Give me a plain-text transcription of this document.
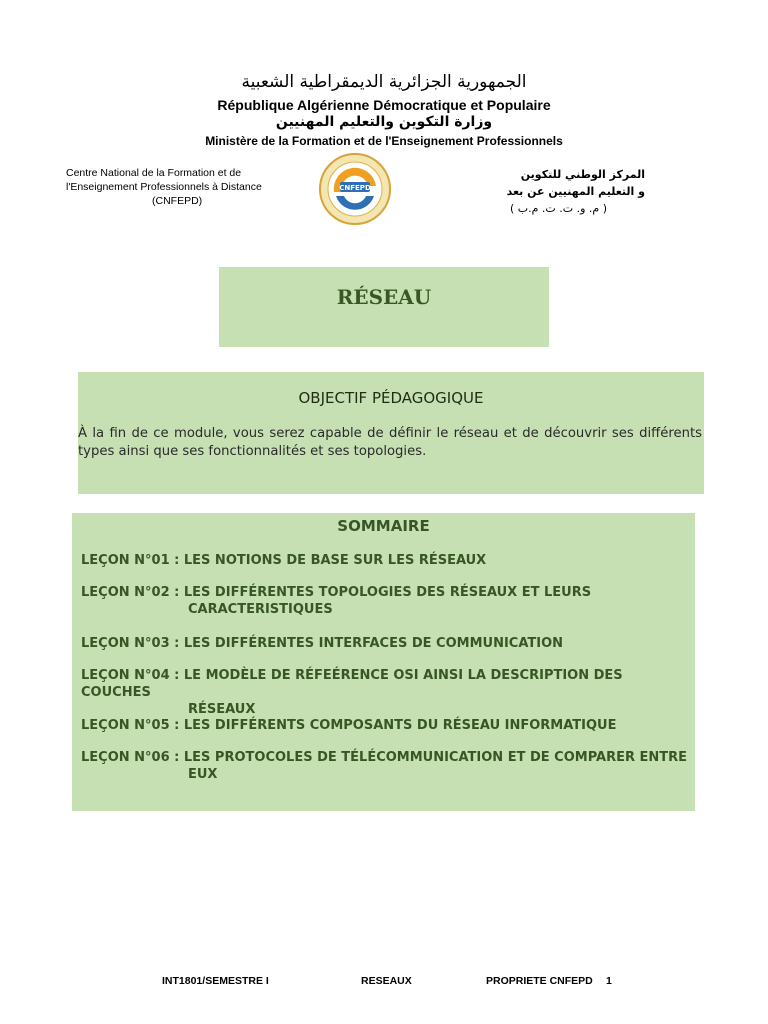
الجمهورية الجزائرية الديمقراطية الشعبية
République Algérienne Démocratique et Populaire
وزارة التكوين والتعليم المهنيين
Ministère de la Formation et de l'Enseignement Professionnels
Centre National de la Formation et de
l'Enseignement Professionnels à Distance
(CNFEPD)
المركز الوطني للتكوين
و التعليم المهنيين عن بعد
( م. و. ت. ت. م.ب )
CNFEPD
RÉSEAU
OBJECTIF PÉDAGOGIQUE
À la fin de ce module, vous serez capable de définir le réseau et de découvrir ses différents types ainsi que ses fonctionnalités et ses topologies.
SOMMAIRE
LEÇON N°01 : LES NOTIONS DE BASE SUR LES RÉSEAUX
LEÇON N°02 : LES DIFFÉRENTES TOPOLOGIES DES RÉSEAUX ET LEURS
CARACTERISTIQUES
LEÇON N°03 : LES DIFFÉRENTES INTERFACES DE COMMUNICATION
LEÇON N°04 : LE MODÈLE DE RÉFEÉRENCE OSI AINSI LA DESCRIPTION DES COUCHES
RÉSEAUX
LEÇON N°05 : LES DIFFÉRENTS COMPOSANTS DU RÉSEAU INFORMATIQUE
LEÇON N°06 : LES PROTOCOLES DE TÉLÉCOMMUNICATION ET DE COMPARER ENTRE
EUX
INT1801/SEMESTRE I	RESEAUX	PROPRIETE CNFEPD 1
